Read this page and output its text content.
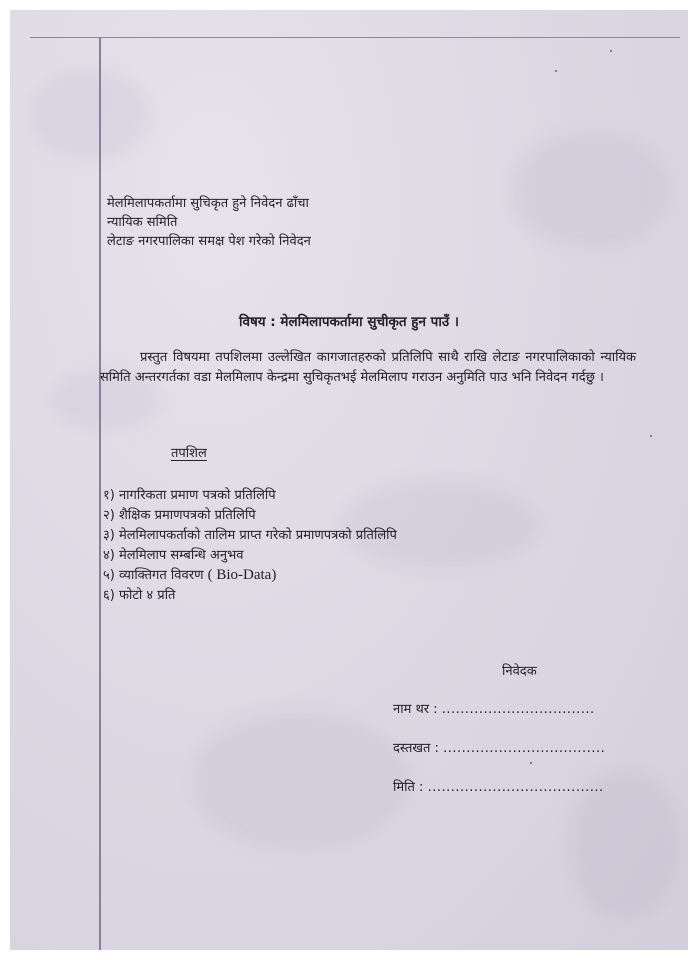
मेलमिलापकर्तामा सुचिकृत हुने निवेदन ढाँचा
न्यायिक समिति
लेटाङ नगरपालिका समक्ष पेश गरेको निवेदन
विषय : मेलमिलापकर्तामा सुचीकृत हुन पाउँ ।
प्रस्तुत विषयमा तपशिलमा उल्लेखित कागजातहरुको प्रतिलिपि साथै राखि लेटाङ नगरपालिकाको न्यायिक समिति अन्तरगर्तका वडा मेलमिलाप केन्द्रमा सुचिकृतभई मेलमिलाप गराउन अनुमिति पाउ भनि निवेदन गर्दछु ।
तपशिल
१) नागरिकता प्रमाण पत्रको प्रतिलिपि
२) शैक्षिक प्रमाणपत्रको प्रतिलिपि
३) मेलमिलापकर्ताको तालिम प्राप्त गरेको प्रमाणपत्रको प्रतिलिपि
४) मेलमिलाप सम्बन्धि अनुभव
५) व्याक्तिगत विवरण ( Bio-Data)
६) फोटो ४ प्रति
निवेदक
नाम थर : .................................
दस्तखत : ...................................
मिति : ......................................
